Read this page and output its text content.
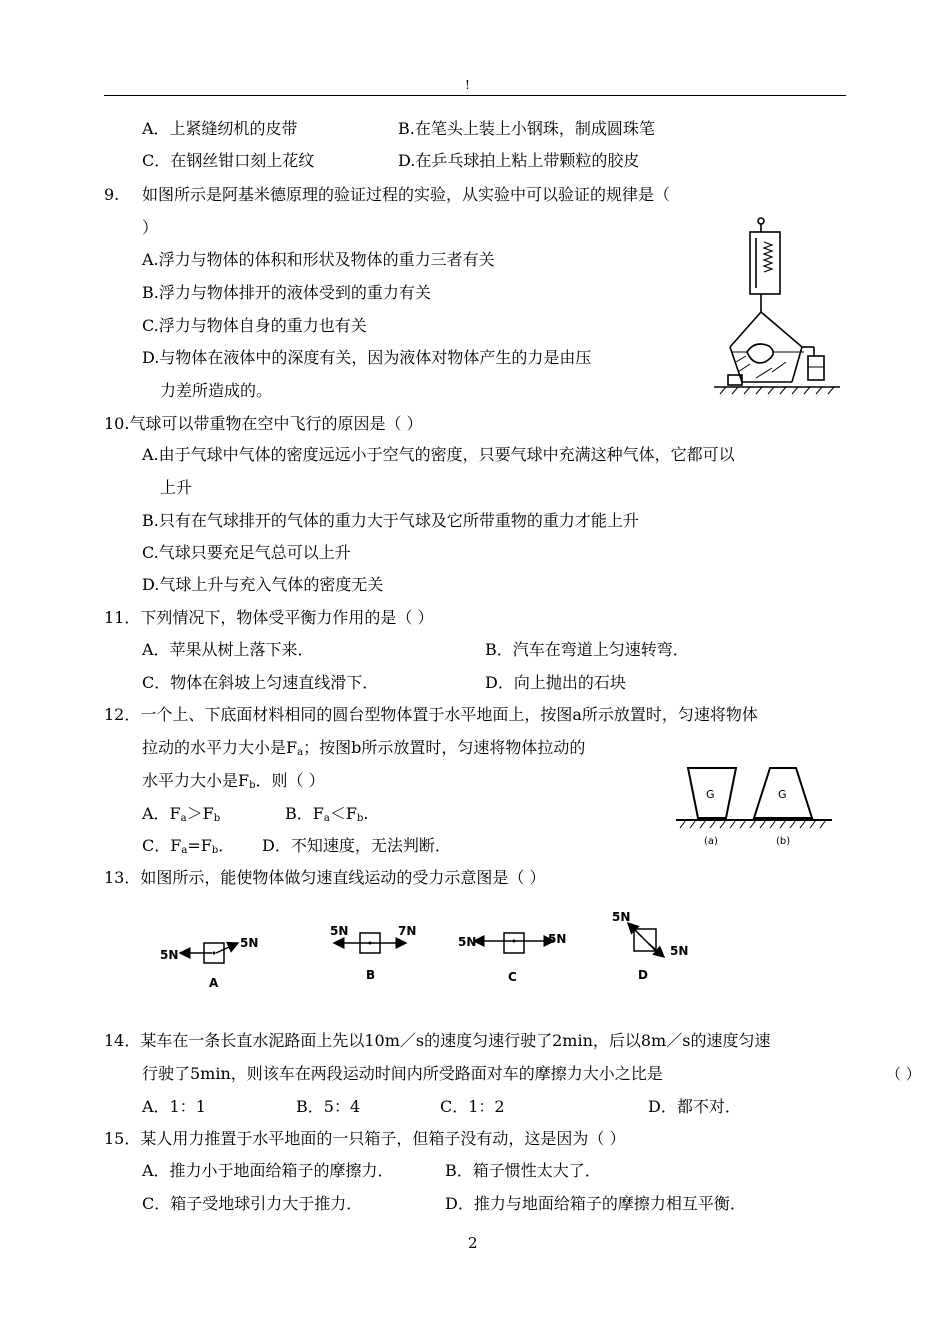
!
A．上紧缝纫机的皮带	B.在笔头上装上小钢珠，制成圆珠笔
C．在钢丝钳口刻上花纹	D.在乒乓球拍上粘上带颗粒的胶皮
9. 如图所示是阿基米德原理的验证过程的实验，从实验中可以验证的规律是（
）
A.浮力与物体的体积和形状及物体的重力三者有关
B.浮力与物体排开的液体受到的重力有关
C.浮力与物体自身的重力也有关
D.与物体在液体中的深度有关，因为液体对物体产生的力是由压
力差所造成的。
10.气球可以带重物在空中飞行的原因是（ ）
A.由于气球中气体的密度远远小于空气的密度，只要气球中充满这种气体，它都可以
上升
B.只有在气球排开的气体的重力大于气球及它所带重物的重力才能上升
C.气球只要充足气总可以上升
D.气球上升与充入气体的密度无关
11．下列情况下，物体受平衡力作用的是（ ）
A．苹果从树上落下来．	B．汽车在弯道上匀速转弯．
C．物体在斜坡上匀速直线滑下．	D．向上抛出的石块
12．一个上、下底面材料相同的圆台型物体置于水平地面上，按图a所示放置时，匀速将物体
拉动的水平力大小是$F_a$；按图b所示放置时，匀速将物体拉动的
水平力大小是$F_b$．则（ ）
A．$F_a>F_b$	B．$F_a<F_b$.
C．$F_a=F_b$． D．不知速度，无法判断．
G	G
(a)	(b)
13．如图所示，能使物体做匀速直线运动的受力示意图是（ ）
5N
5N
A
5N	7N
B
5N	5N
C
5N
5N
D
14．某车在一条长直水泥路面上先以10m／s的速度匀速行驶了2min，后以8m／s的速度匀速
行驶了5min，则该车在两段运动时间内所受路面对车的摩擦力大小之比是	（ ）
A．1：1	B．5：4	C．1：2	D．都不对．
15．某人用力推置于水平地面的一只箱子，但箱子没有动，这是因为（ ）
A．推力小于地面给箱子的摩擦力．	B．箱子惯性太大了．
C．箱子受地球引力大于推力．	D．推力与地面给箱子的摩擦力相互平衡．
2
